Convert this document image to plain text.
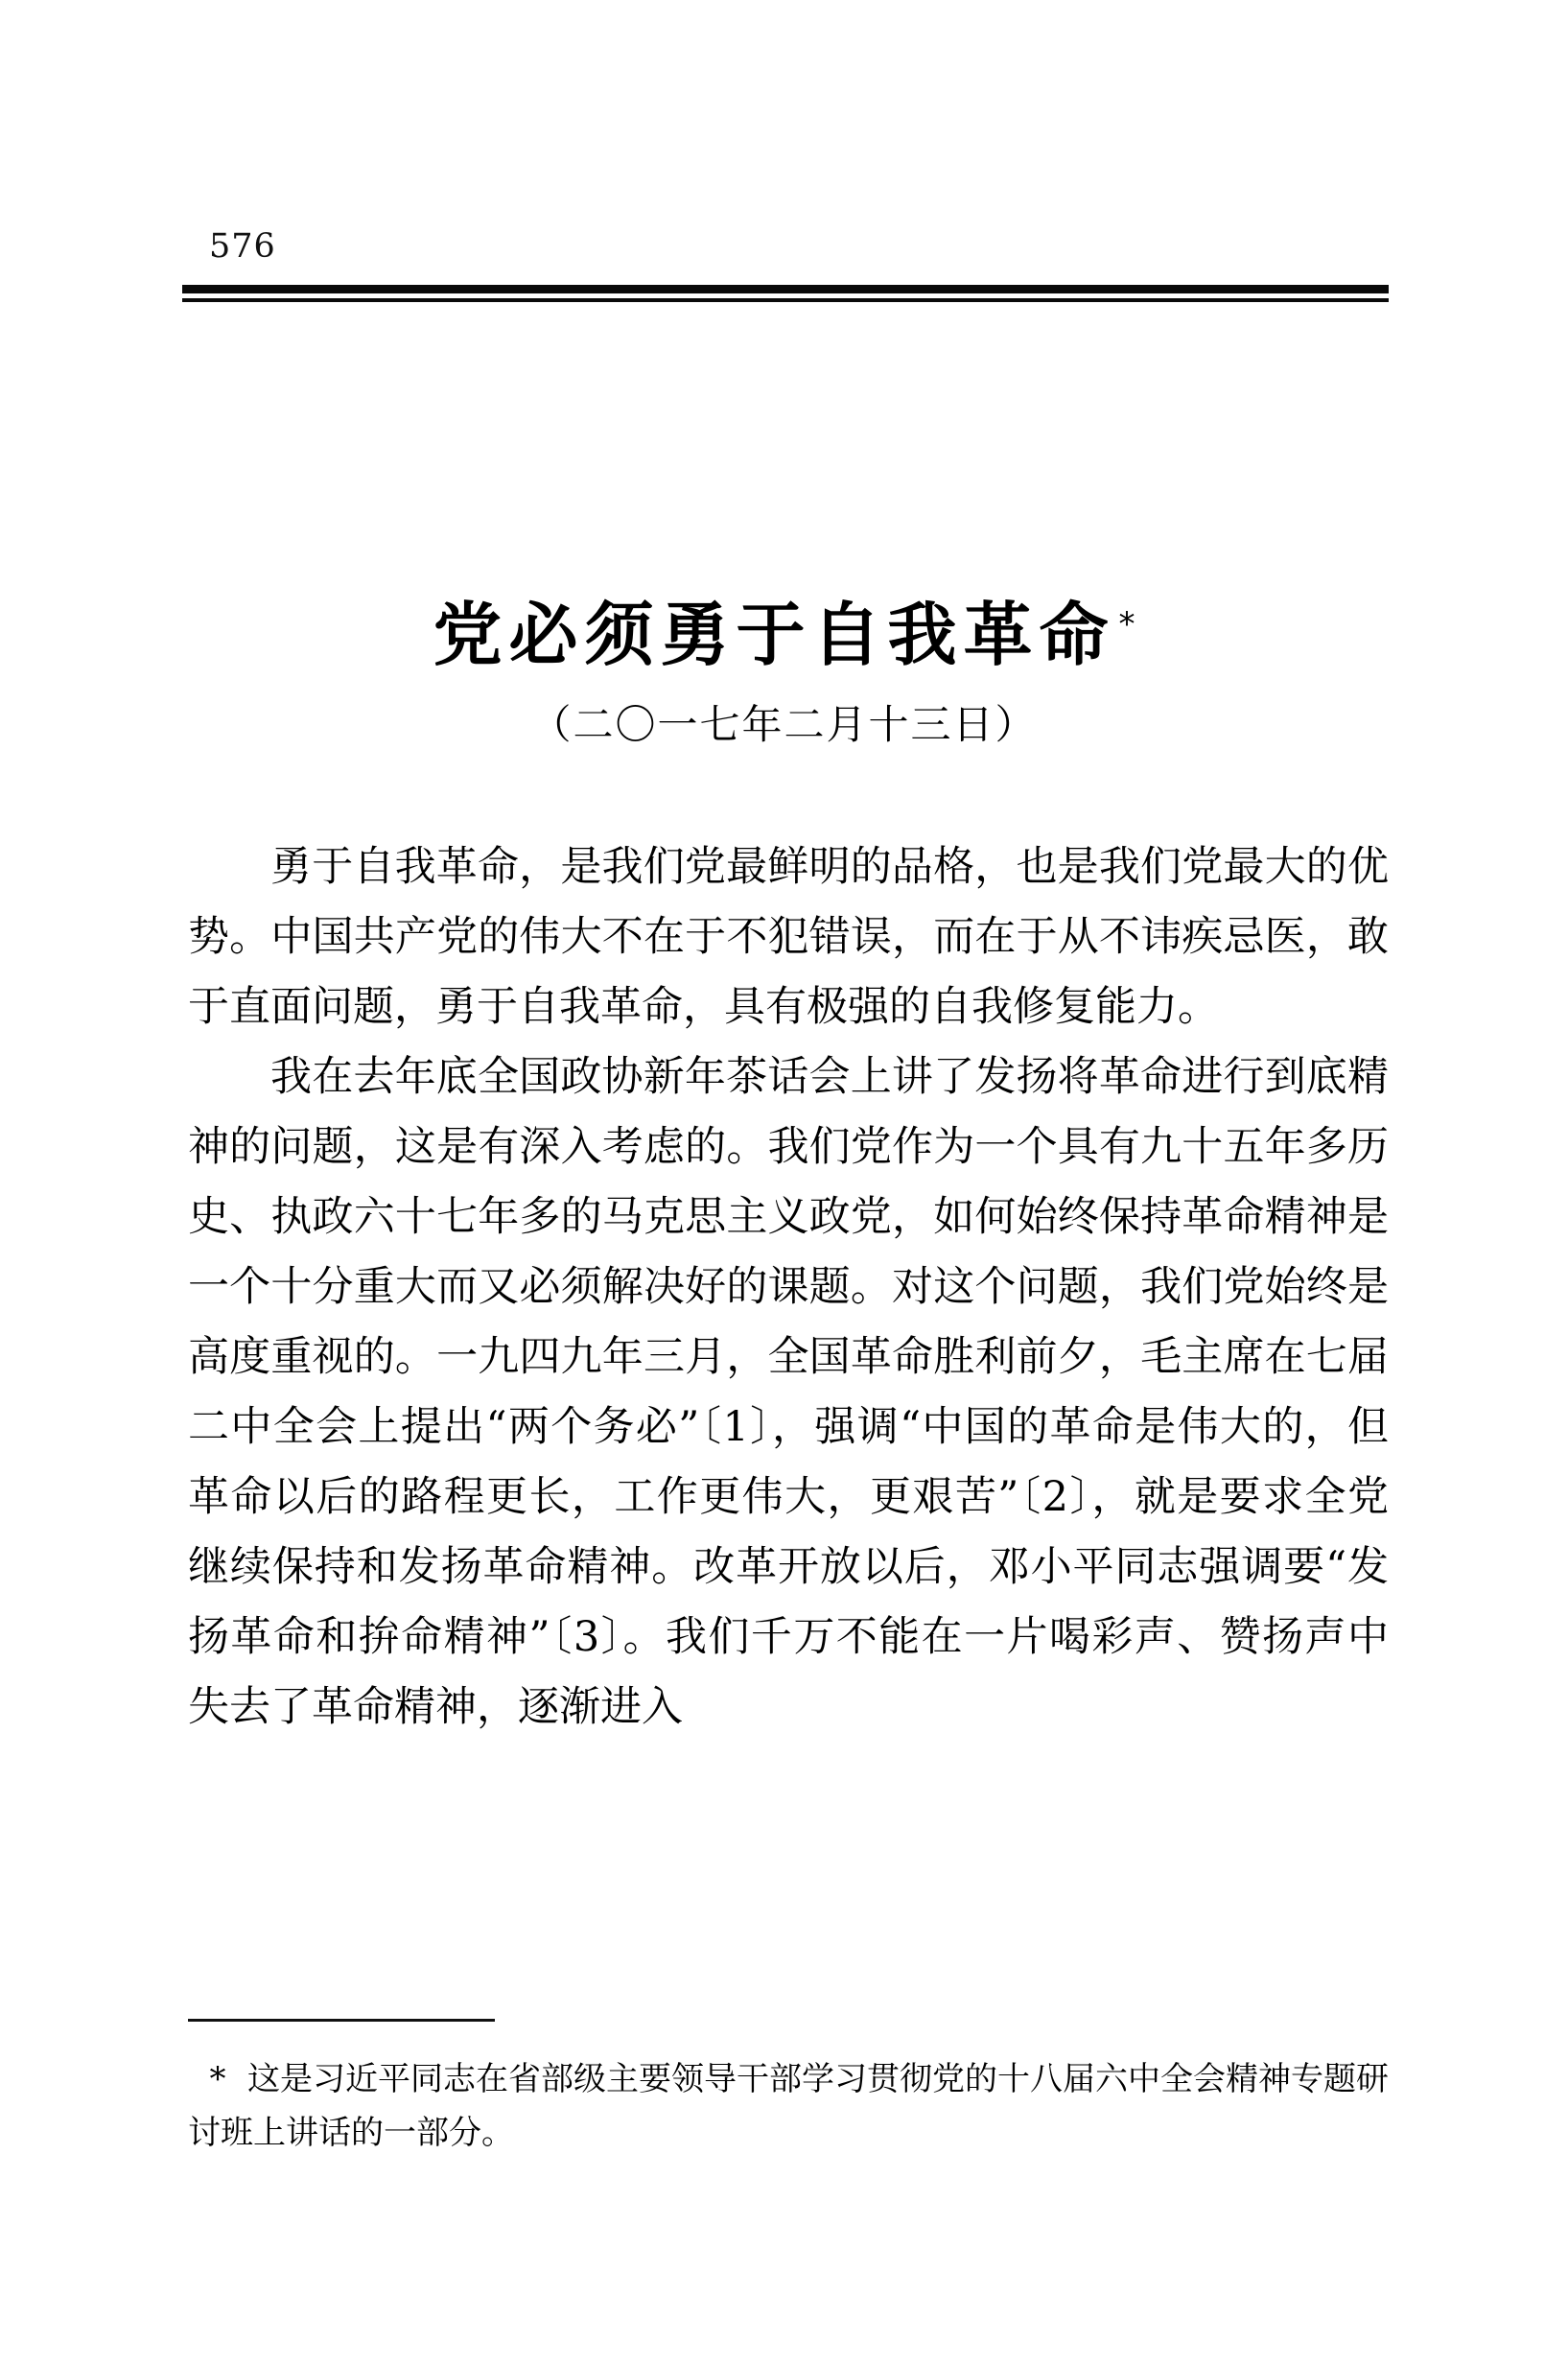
576
党必须勇于自我革命 *
（二〇一七年二月十三日）

勇于自我革命，是我们党最鲜明的品格，也是我们党最大的优势。中国共产党的伟大不在于不犯错误，而在于从不讳疾忌医，敢于直面问题，勇于自我革命，具有极强的自我修复能力。

我在去年底全国政协新年茶话会上讲了发扬将革命进行到底精神的问题，这是有深入考虑的。我们党作为一个具有九十五年多历史、执政六十七年多的马克思主义政党，如何始终保持革命精神是一个十分重大而又必须解决好的课题。对这个问题，我们党始终是高度重视的。一九四九年三月，全国革命胜利前夕，毛主席在七届二中全会上提出“两个务必”〔1〕，强调“中国的革命是伟大的，但革命以后的路程更长，工作更伟大，更艰苦”〔2〕，就是要求全党继续保持和发扬革命精神。改革开放以后，邓小平同志强调要“发扬革命和拚命精神”〔3〕。我们千万不能在一片喝彩声、赞扬声中失去了革命精神，逐渐进入

* 这是习近平同志在省部级主要领导干部学习贯彻党的十八届六中全会精神专题研讨班上讲话的一部分。
